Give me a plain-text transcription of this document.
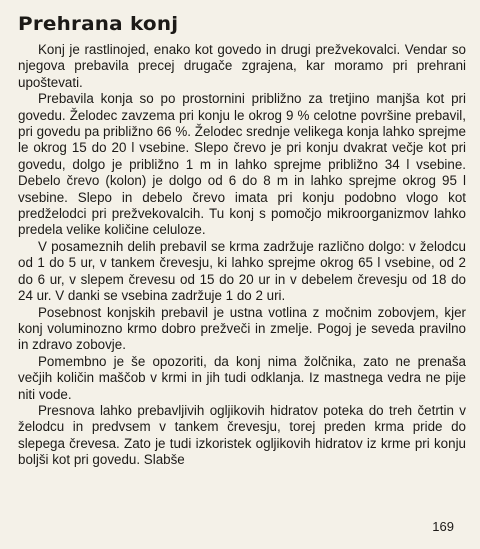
Prehrana konj

Konj je rastlinojed, enako kot govedo in drugi prežvekovalci. Vendar so njegova prebavila precej drugače zgrajena, kar moramo pri prehrani upoštevati.

Prebavila konja so po prostornini približno za tretjino manjša kot pri govedu. Želodec zavzema pri konju le okrog 9 % celotne površine prebavil, pri govedu pa približno 66 %. Želodec srednje velikega konja lahko sprejme le okrog 15 do 20 l vsebine. Slepo črevo je pri konju dvakrat večje kot pri govedu, dolgo je približno 1 m in lahko sprejme približno 34 l vsebine. Debelo črevo (kolon) je dolgo od 6 do 8 m in lahko sprejme okrog 95 l vsebine. Slepo in debelo črevo imata pri konju podobno vlogo kot predželodci pri prežvekovalcih. Tu konj s pomočjo mikroorganizmov lahko predela velike količine celuloze.

V posameznih delih prebavil se krma zadržuje različno dolgo: v želodcu od 1 do 5 ur, v tankem črevesju, ki lahko sprejme okrog 65 l vsebine, od 2 do 6 ur, v slepem črevesu od 15 do 20 ur in v debelem črevesju od 18 do 24 ur. V danki se vsebina zadržuje 1 do 2 uri.

Posebnost konjskih prebavil je ustna votlina z močnim zobovjem, kjer konj voluminozno krmo dobro prežveči in zmelje. Pogoj je seveda pravilno in zdravo zobovje.

Pomembno je še opozoriti, da konj nima žolčnika, zato ne prenaša večjih količin maščob v krmi in jih tudi odklanja. Iz mastnega vedra ne pije niti vode.

Presnova lahko prebavljivih ogljikovih hidratov poteka do treh četrtin v želodcu in predvsem v tankem črevesju, torej preden krma pride do slepega črevesa. Zato je tudi izkoristek ogljikovih hidratov iz krme pri konju boljši kot pri govedu. Slabše

169
